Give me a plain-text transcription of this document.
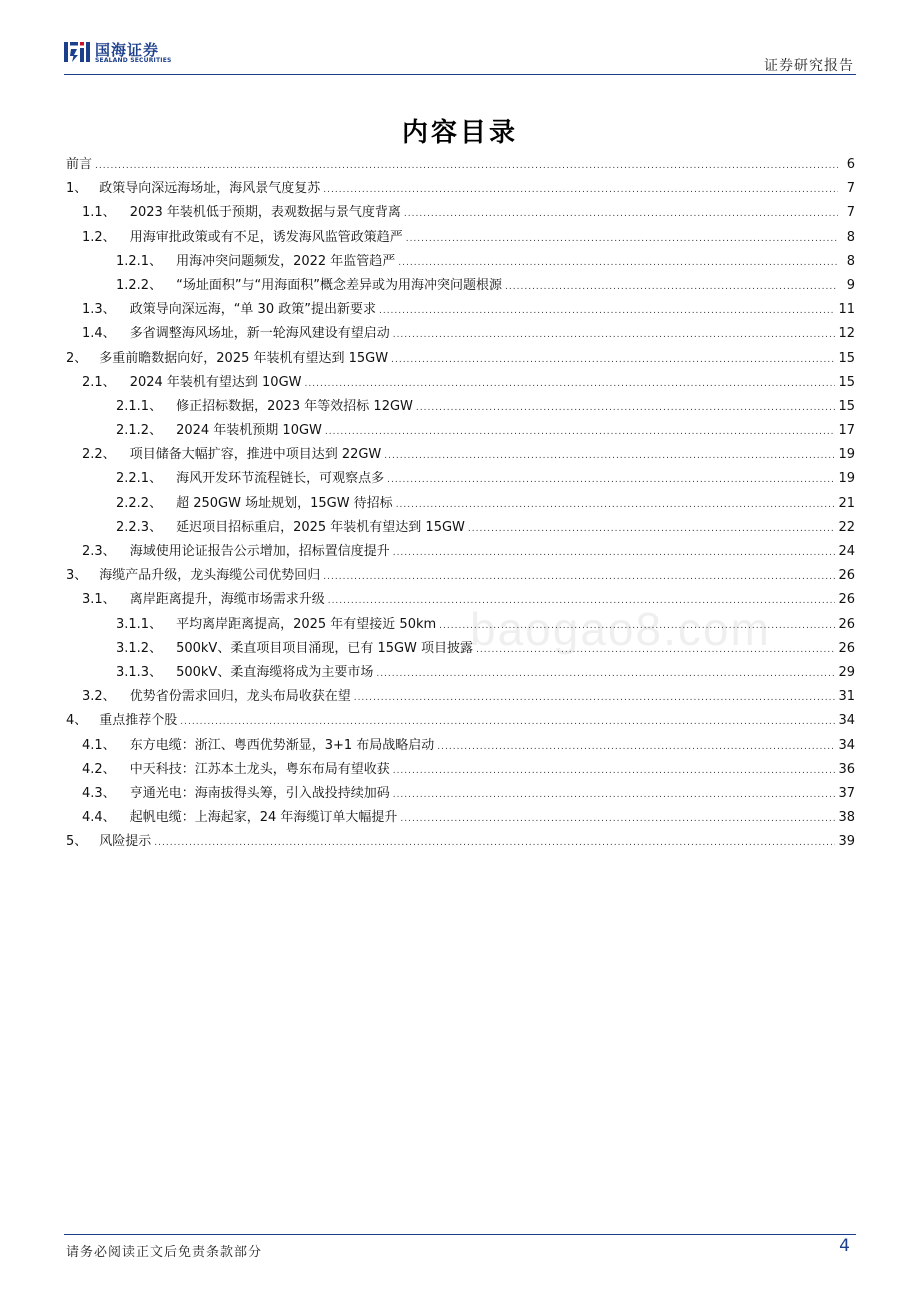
国海证券
SEALAND SECURITIES	证券研究报告
内容目录
前言 .....	6
1、 政策导向深远海场址，海风景气度复苏 .....	7
1.1、 2023 年装机低于预期，表观数据与景气度背离 .....	7
1.2、 用海审批政策或有不足，诱发海风监管政策趋严 .....	8
1.2.1、 用海冲突问题频发，2022 年监管趋严 .....	8
1.2.2、 “场址面积”与“用海面积”概念差异或为用海冲突问题根源 .....	9
1.3、 政策导向深远海，“单 30 政策”提出新要求 .....	11
1.4、 多省调整海风场址，新一轮海风建设有望启动 .....	12
2、 多重前瞻数据向好，2025 年装机有望达到 15GW .....	15
2.1、 2024 年装机有望达到 10GW .....	15
2.1.1、 修正招标数据，2023 年等效招标 12GW .....	15
2.1.2、 2024 年装机预期 10GW .....	17
2.2、 项目储备大幅扩容，推进中项目达到 22GW .....	19
2.2.1、 海风开发环节流程链长，可观察点多 .....	19
2.2.2、 超 250GW 场址规划，15GW 待招标 .....	21
2.2.3、 延迟项目招标重启，2025 年装机有望达到 15GW .....	22
2.3、 海域使用论证报告公示增加，招标置信度提升 .....	24
3、 海缆产品升级，龙头海缆公司优势回归 .....	26
3.1、 离岸距离提升，海缆市场需求升级 .....	26
3.1.1、 平均离岸距离提高，2025 年有望接近 50km .....	26
3.1.2、 500kV、柔直项目项目涌现，已有 15GW 项目披露 .....	26
3.1.3、 500kV、柔直海缆将成为主要市场 .....	29
3.2、 优势省份需求回归，龙头布局收获在望 .....	31
4、 重点推荐个股 .....	34
4.1、 东方电缆：浙江、粤西优势渐显，3+1 布局战略启动 .....	34
4.2、 中天科技：江苏本土龙头，粤东布局有望收获 .....	36
4.3、 亨通光电：海南拔得头筹，引入战投持续加码 .....	37
4.4、 起帆电缆：上海起家，24 年海缆订单大幅提升 .....	38
5、 风险提示 .....	39
baogao8.com
请务必阅读正文后免责条款部分	4
